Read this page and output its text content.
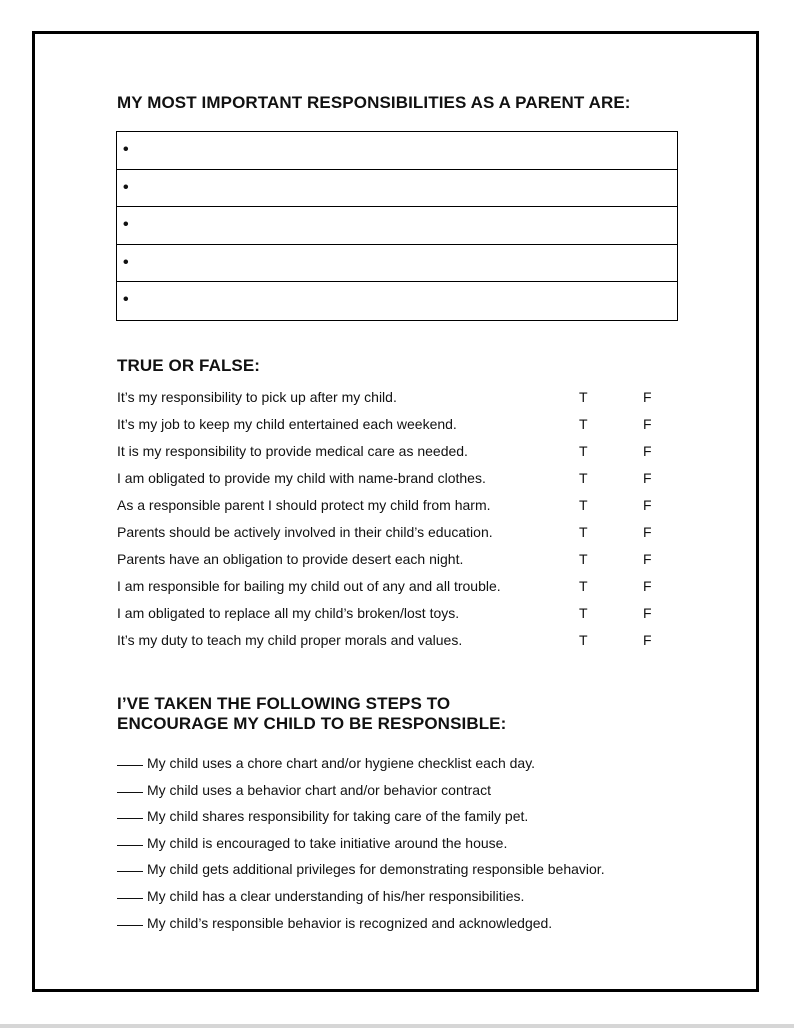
MY MOST IMPORTANT RESPONSIBILITIES AS A PARENT ARE:
•
•
•
•
•
TRUE OR FALSE:
It’s my responsibility to pick up after my child.	T	F
It’s my job to keep my child entertained each weekend.	T	F
It is my responsibility to provide medical care as needed.	T	F
I am obligated to provide my child with name-brand clothes.	T	F
As a responsible parent I should protect my child from harm.	T	F
Parents should be actively involved in their child’s education.	T	F
Parents have an obligation to provide desert each night.	T	F
I am responsible for bailing my child out of any and all trouble.	T	F
I am obligated to replace all my child’s broken/lost toys.	T	F
It’s my duty to teach my child proper morals and values.	T	F
I’VE TAKEN THE FOLLOWING STEPS TO
ENCOURAGE MY CHILD TO BE RESPONSIBLE:
My child uses a chore chart and/or hygiene checklist each day.
My child uses a behavior chart and/or behavior contract
My child shares responsibility for taking care of the family pet.
My child is encouraged to take initiative around the house.
My child gets additional privileges for demonstrating responsible behavior.
My child has a clear understanding of his/her responsibilities.
My child’s responsible behavior is recognized and acknowledged.
